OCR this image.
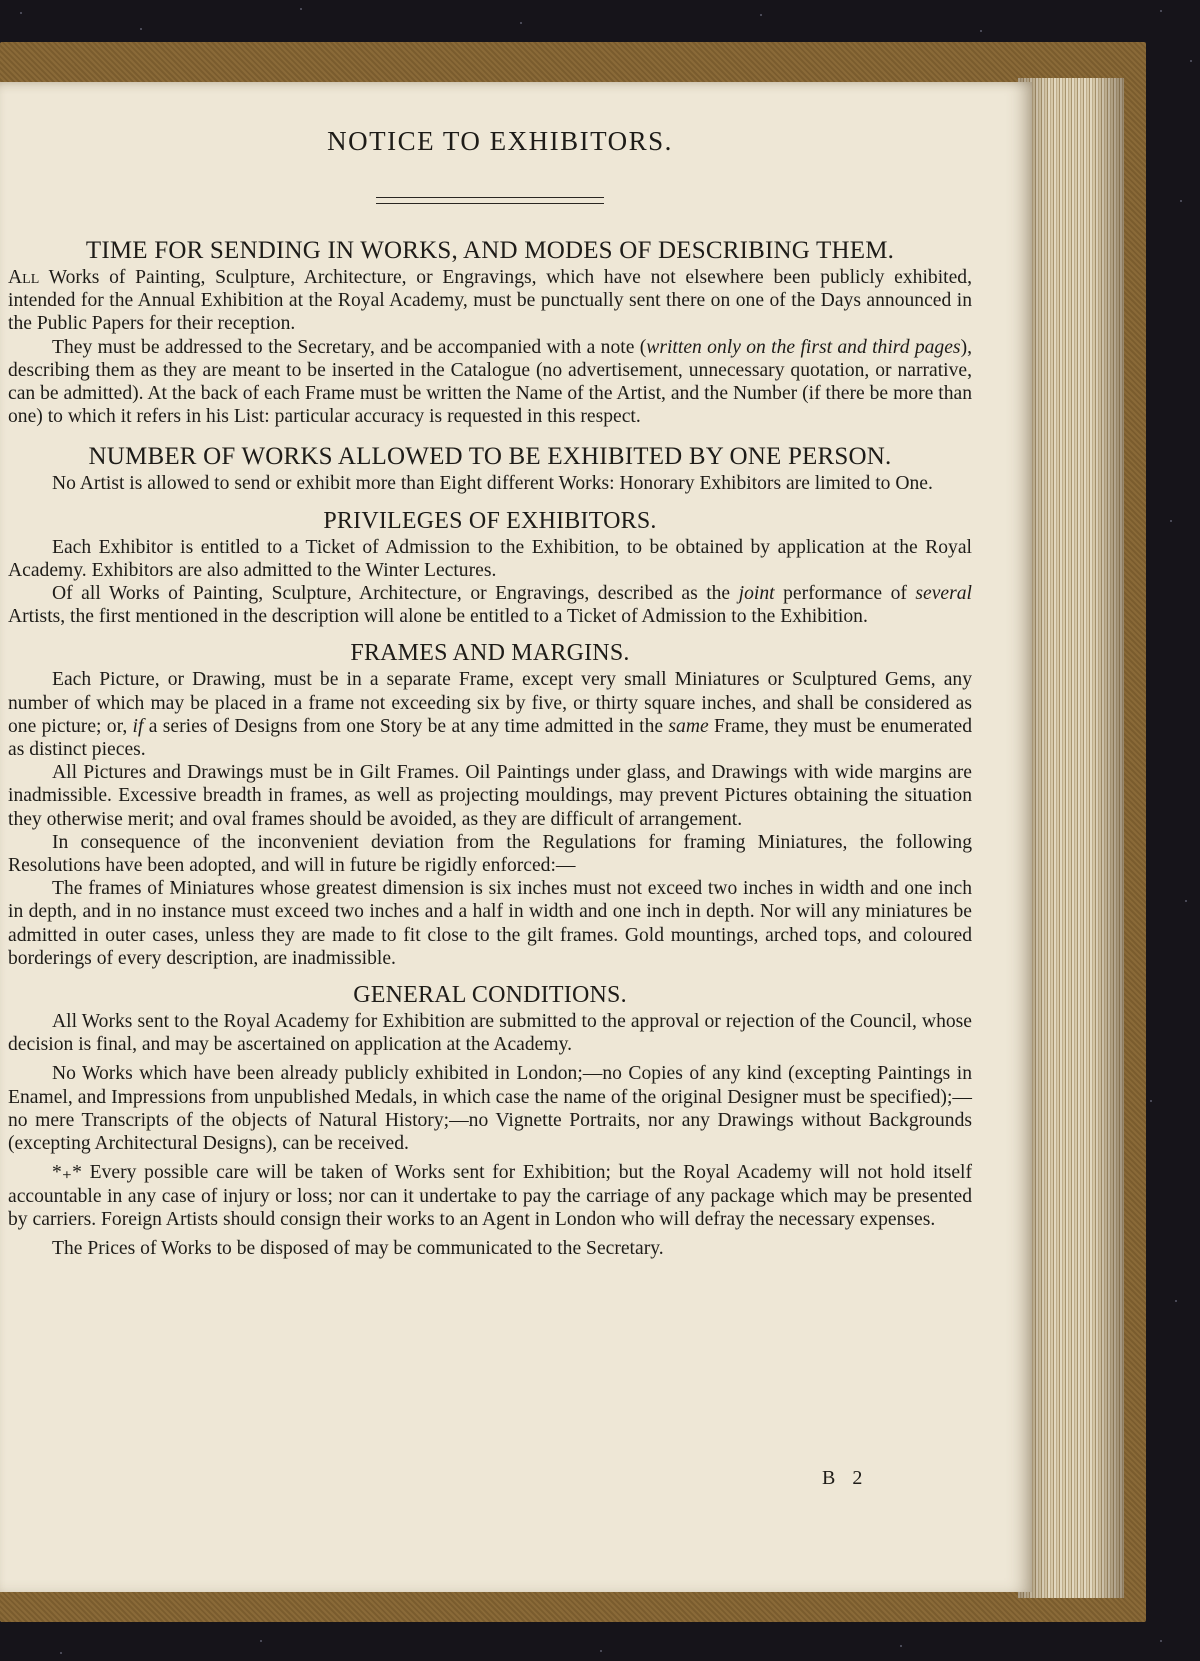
NOTICE TO EXHIBITORS.
TIME FOR SENDING IN WORKS, AND MODES OF DESCRIBING THEM.

All Works of Painting, Sculpture, Architecture, or Engravings, which have not elsewhere been publicly exhibited, intended for the Annual Exhibition at the Royal Academy, must be punctually sent there on one of the Days announced in the Public Papers for their reception.

They must be addressed to the Secretary, and be accompanied with a note (written only on the first and third pages), describing them as they are meant to be inserted in the Catalogue (no advertisement, unnecessary quotation, or narrative, can be admitted). At the back of each Frame must be written the Name of the Artist, and the Number (if there be more than one) to which it refers in his List: particular accuracy is requested in this respect.

NUMBER OF WORKS ALLOWED TO BE EXHIBITED BY ONE PERSON.

No Artist is allowed to send or exhibit more than Eight different Works: Honorary Exhibitors are limited to One.

PRIVILEGES OF EXHIBITORS.

Each Exhibitor is entitled to a Ticket of Admission to the Exhibition, to be obtained by application at the Royal Academy. Exhibitors are also admitted to the Winter Lectures.

Of all Works of Painting, Sculpture, Architecture, or Engravings, described as the joint performance of several Artists, the first mentioned in the description will alone be entitled to a Ticket of Admission to the Exhibition.

FRAMES AND MARGINS.

Each Picture, or Drawing, must be in a separate Frame, except very small Miniatures or Sculptured Gems, any number of which may be placed in a frame not exceeding six by five, or thirty square inches, and shall be considered as one picture; or, if a series of Designs from one Story be at any time admitted in the same Frame, they must be enumerated as distinct pieces.

All Pictures and Drawings must be in Gilt Frames. Oil Paintings under glass, and Drawings with wide margins are inadmissible. Excessive breadth in frames, as well as projecting mouldings, may prevent Pictures obtaining the situation they otherwise merit; and oval frames should be avoided, as they are difficult of arrangement.

In consequence of the inconvenient deviation from the Regulations for framing Miniatures, the following Resolutions have been adopted, and will in future be rigidly enforced:—

The frames of Miniatures whose greatest dimension is six inches must not exceed two inches in width and one inch in depth, and in no instance must exceed two inches and a half in width and one inch in depth. Nor will any miniatures be admitted in outer cases, unless they are made to fit close to the gilt frames. Gold mountings, arched tops, and coloured borderings of every description, are inadmissible.

GENERAL CONDITIONS.

All Works sent to the Royal Academy for Exhibition are submitted to the approval or rejection of the Council, whose decision is final, and may be ascertained on application at the Academy.

No Works which have been already publicly exhibited in London;—no Copies of any kind (excepting Paintings in Enamel, and Impressions from unpublished Medals, in which case the name of the original Designer must be specified);—no mere Transcripts of the objects of Natural History;—no Vignette Portraits, nor any Drawings without Backgrounds (excepting Architectural Designs), can be received.

*₊* Every possible care will be taken of Works sent for Exhibition; but the Royal Academy will not hold itself accountable in any case of injury or loss; nor can it undertake to pay the carriage of any package which may be presented by carriers. Foreign Artists should consign their works to an Agent in London who will defray the necessary expenses.

The Prices of Works to be disposed of may be communicated to the Secretary.

B 2
